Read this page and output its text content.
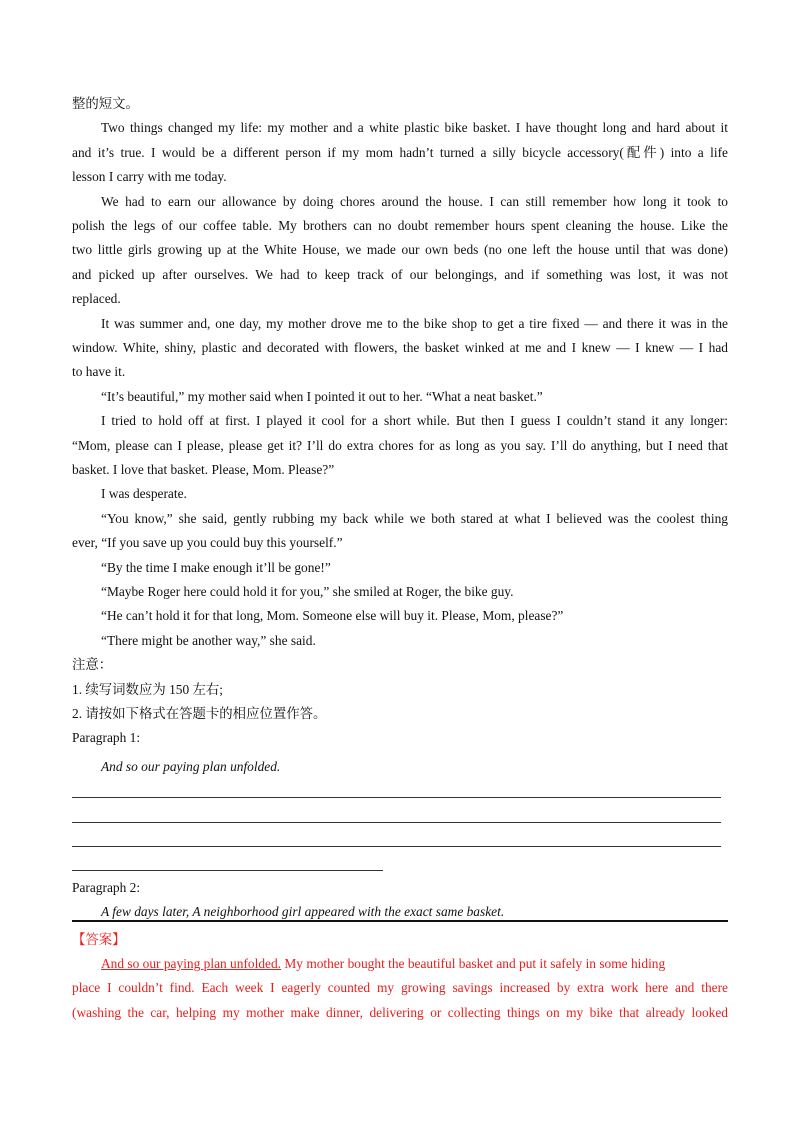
整的短文。
Two things changed my life: my mother and a white plastic bike basket. I have thought long and hard about it
and it’s true. I would be a different person if my mom hadn’t turned a silly bicycle accessory(配件) into a life
lesson I carry with me today.
We had to earn our allowance by doing chores around the house. I can still remember how long it took to
polish the legs of our coffee table. My brothers can no doubt remember hours spent cleaning the house. Like the
two little girls growing up at the White House, we made our own beds (no one left the house until that was done)
and picked up after ourselves. We had to keep track of our belongings, and if something was lost, it was not
replaced.
It was summer and, one day, my mother drove me to the bike shop to get a tire fixed — and there it was in the
window. White, shiny, plastic and decorated with flowers, the basket winked at me and I knew — I knew — I had
to have it.
“It’s beautiful,” my mother said when I pointed it out to her. “What a neat basket.”
I tried to hold off at first. I played it cool for a short while. But then I guess I couldn’t stand it any longer:
“Mom, please can I please, please get it? I’ll do extra chores for as long as you say. I’ll do anything, but I need that
basket. I love that basket. Please, Mom. Please?”
I was desperate.
“You know,” she said, gently rubbing my back while we both stared at what I believed was the coolest thing
ever, “If you save up you could buy this yourself.”
“By the time I make enough it’ll be gone!”
“Maybe Roger here could hold it for you,” she smiled at Roger, the bike guy.
“He can’t hold it for that long, Mom. Someone else will buy it. Please, Mom, please?”
“There might be another way,” she said.
注意：
1. 续写词数应为 150 左右;
2. 请按如下格式在答题卡的相应位置作答。
Paragraph 1:
And so our paying plan unfolded.
Paragraph 2:
A few days later, A neighborhood girl appeared with the exact same basket.
【答案】
And so our paying plan unfolded. My mother bought the beautiful basket and put it safely in some hiding
place I couldn’t find. Each week I eagerly counted my growing savings increased by extra work here and there
(washing the car, helping my mother make dinner, delivering or collecting things on my bike that already looked
